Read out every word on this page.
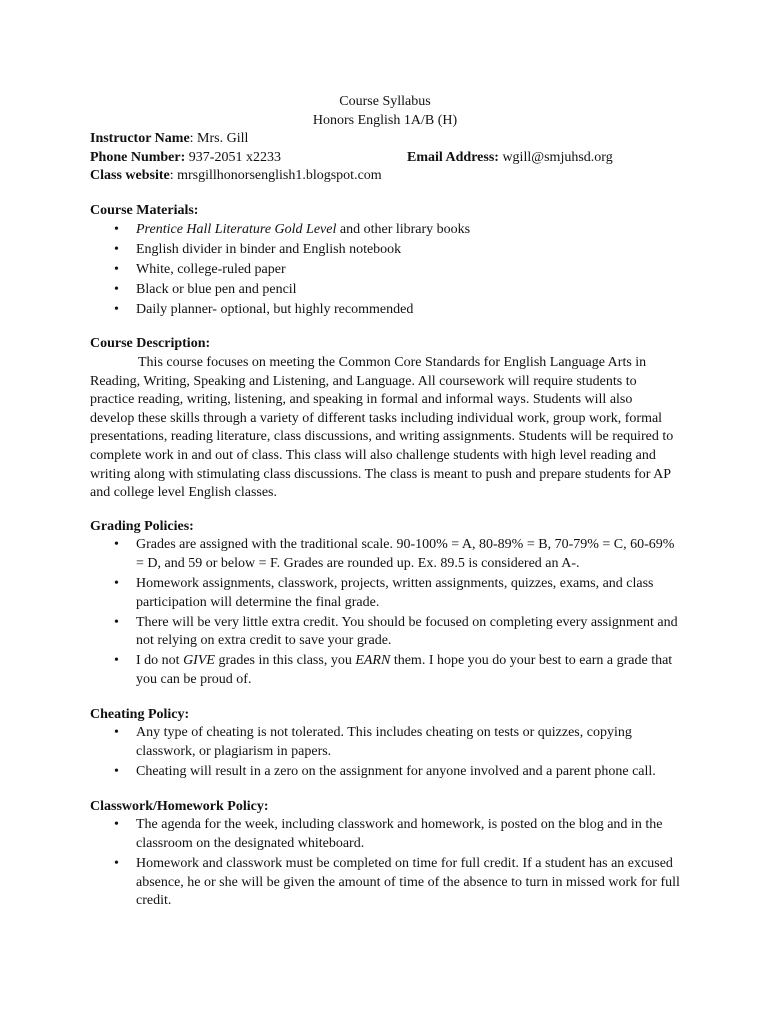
Course Syllabus
Honors English 1A/B (H)
Instructor Name: Mrs. Gill
Phone Number: 937-2051 x2233	Email Address: wgill@smjuhsd.org
Class website: mrsgillhonorsenglish1.blogspot.com
Course Materials:
• Prentice Hall Literature Gold Level and other library books
• English divider in binder and English notebook
• White, college-ruled paper
• Black or blue pen and pencil
• Daily planner- optional, but highly recommended
Course Description:

This course focuses on meeting the Common Core Standards for English Language Arts in Reading, Writing, Speaking and Listening, and Language. All coursework will require students to practice reading, writing, listening, and speaking in formal and informal ways. Students will also develop these skills through a variety of different tasks including individual work, group work, formal presentations, reading literature, class discussions, and writing assignments. Students will be required to complete work in and out of class. This class will also challenge students with high level reading and writing along with stimulating class discussions. The class is meant to push and prepare students for AP and college level English classes.

Grading Policies:
• Grades are assigned with the traditional scale. 90-100% = A, 80-89% = B, 70-79% = C, 60-69% = D, and 59 or below = F. Grades are rounded up. Ex. 89.5 is considered an A-.
• Homework assignments, classwork, projects, written assignments, quizzes, exams, and class participation will determine the final grade.
• There will be very little extra credit. You should be focused on completing every assignment and not relying on extra credit to save your grade.
• I do not GIVE grades in this class, you EARN them. I hope you do your best to earn a grade that you can be proud of.
Cheating Policy:
• Any type of cheating is not tolerated. This includes cheating on tests or quizzes, copying classwork, or plagiarism in papers.
• Cheating will result in a zero on the assignment for anyone involved and a parent phone call.
Classwork/Homework Policy:
• The agenda for the week, including classwork and homework, is posted on the blog and in the classroom on the designated whiteboard.
• Homework and classwork must be completed on time for full credit. If a student has an excused absence, he or she will be given the amount of time of the absence to turn in missed work for full credit.
